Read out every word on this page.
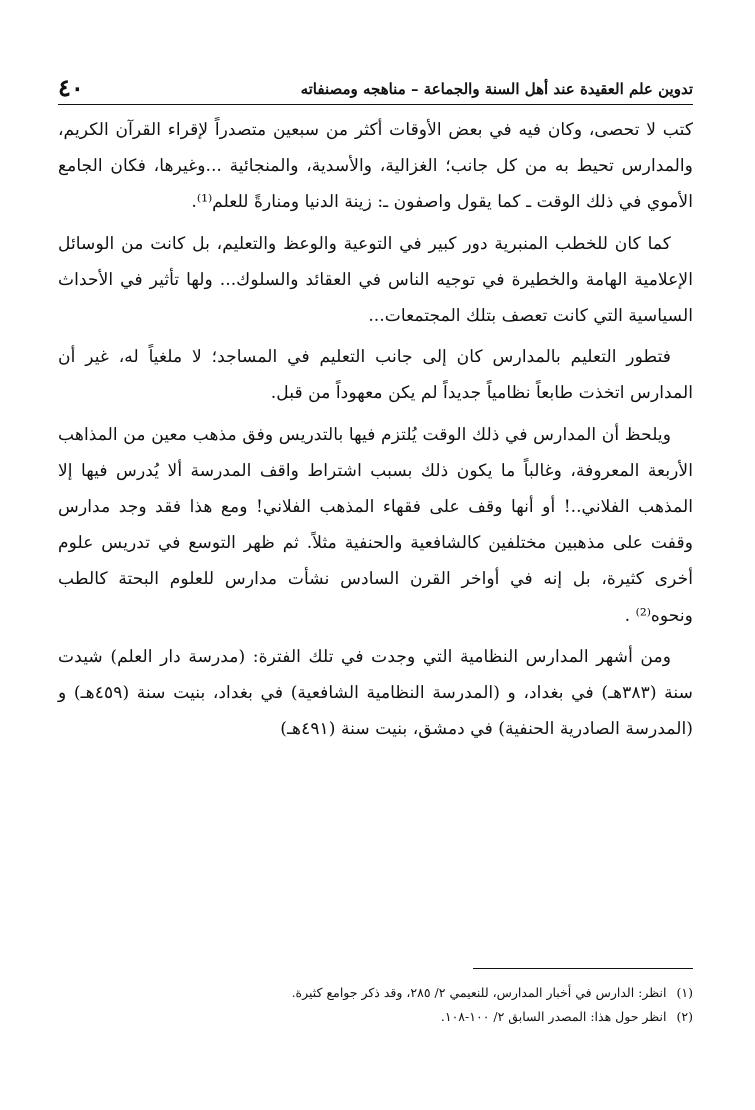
تدوين علم العقيدة عند أهل السنة والجماعة – مناهجه ومصنفاته
٤٠

كتب لا تحصى، وكان فيه في بعض الأوقات أكثر من سبعين متصدراً لإقراء القرآن الكريم، والمدارس تحيط به من كل جانب؛ الغزالية، والأسدية، والمنجائية ...وغيرها، فكان الجامع الأموي في ذلك الوقت ـ كما يقول واصفون ـ: زينة الدنيا ومنارةً للعلم⁽¹⁾.

كما كان للخطب المنبرية دور كبير في التوعية والوعظ والتعليم، بل كانت من الوسائل الإعلامية الهامة والخطيرة في توجيه الناس في العقائد والسلوك... ولها تأثير في الأحداث السياسية التي كانت تعصف بتلك المجتمعات...

فتطور التعليم بالمدارس كان إلى جانب التعليم في المساجد؛ لا ملغياً له، غير أن المدارس اتخذت طابعاً نظامياً جديداً لم يكن معهوداً من قبل.

ويلحظ أن المدارس في ذلك الوقت يُلتزم فيها بالتدريس وفق مذهب معين من المذاهب الأربعة المعروفة، وغالباً ما يكون ذلك بسبب اشتراط واقف المدرسة ألا يُدرس فيها إلا المذهب الفلاني..! أو أنها وقف على فقهاء المذهب الفلاني! ومع هذا فقد وجد مدارس وقفت على مذهبين مختلفين كالشافعية والحنفية مثلاً. ثم ظهر التوسع في تدريس علوم أخرى كثيرة، بل إنه في أواخر القرن السادس نشأت مدارس للعلوم البحتة كالطب ونحوه⁽²⁾ .

ومن أشهر المدارس النظامية التي وجدت في تلك الفترة: (مدرسة دار العلم) شيدت سنة (٣٨٣هـ) في بغداد، و (المدرسة النظامية الشافعية) في بغداد، بنيت سنة (٤٥٩هـ) و (المدرسة الصادرية الحنفية) في دمشق، بنيت سنة (٤٩١هـ)

(١)انظر: الدارس في أخبار المدارس، للنعيمي ٢/ ٢٨٥، وقد ذكر جوامع كثيرة.

(٢)انظر حول هذا: المصدر السابق ٢/ ١٠٠-١٠٨.
